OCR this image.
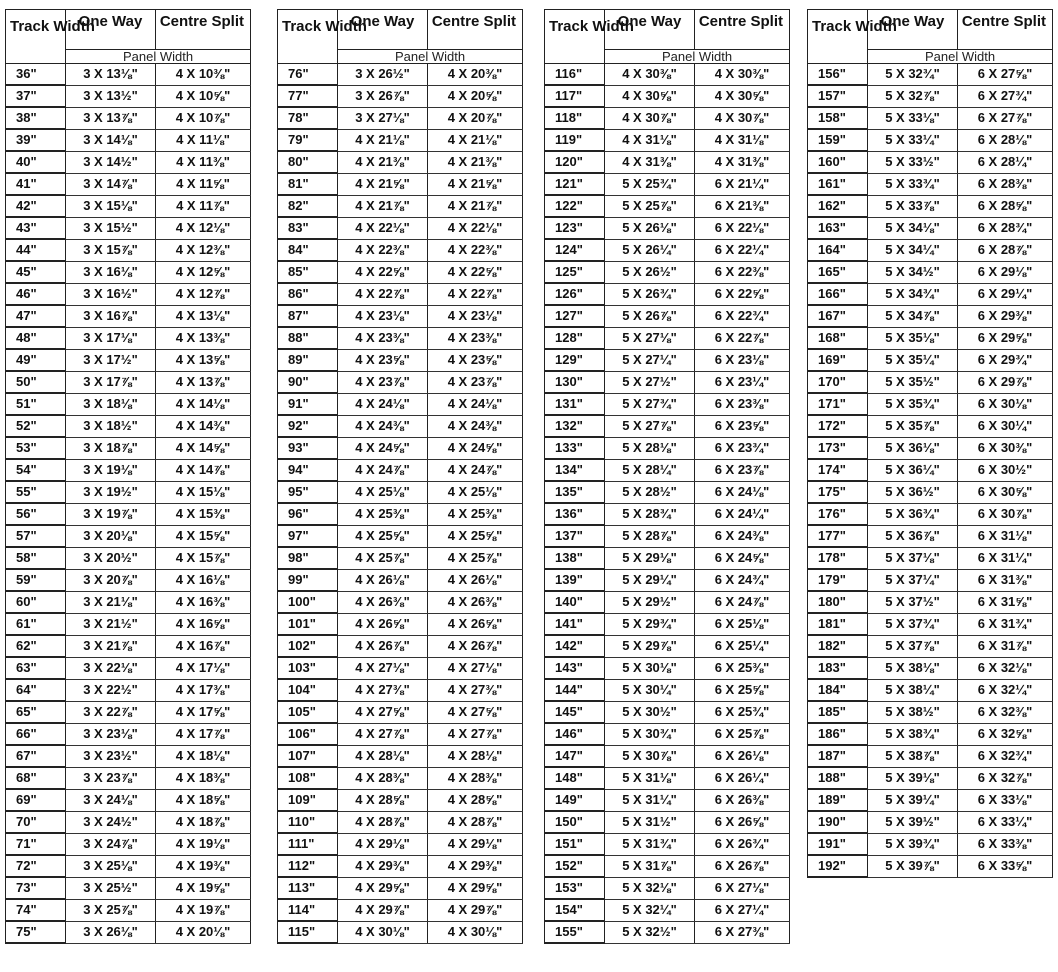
Track Width	One Way	Centre Split
	Panel Width	
36"	3 X 13⅛"	4 X 10⅜"
37"	3 X 13½"	4 X 10⅝"
38"	3 X 13⅞"	4 X 10⅞"
39"	3 X 14⅛"	4 X 11⅛"
40"	3 X 14½"	4 X 11⅜"
41"	3 X 14⅞"	4 X 11⅝"
42"	3 X 15⅛"	4 X 11⅞"
43"	3 X 15½"	4 X 12⅛"
44"	3 X 15⅞"	4 X 12⅜"
45"	3 X 16⅛"	4 X 12⅝"
46"	3 X 16½"	4 X 12⅞"
47"	3 X 16⅞"	4 X 13⅛"
48"	3 X 17⅛"	4 X 13⅜"
49"	3 X 17½"	4 X 13⅝"
50"	3 X 17⅞"	4 X 13⅞"
51"	3 X 18⅛"	4 X 14⅛"
52"	3 X 18½"	4 X 14⅜"
53"	3 X 18⅞"	4 X 14⅝"
54"	3 X 19⅛"	4 X 14⅞"
55"	3 X 19½"	4 X 15⅛"
56"	3 X 19⅞"	4 X 15⅜"
57"	3 X 20⅛"	4 X 15⅝"
58"	3 X 20½"	4 X 15⅞"
59"	3 X 20⅞"	4 X 16⅛"
60"	3 X 21⅛"	4 X 16⅜"
61"	3 X 21½"	4 X 16⅝"
62"	3 X 21⅞"	4 X 16⅞"
63"	3 X 22⅛"	4 X 17⅛"
64"	3 X 22½"	4 X 17⅜"
65"	3 X 22⅞"	4 X 17⅝"
66"	3 X 23⅛"	4 X 17⅞"
67"	3 X 23½"	4 X 18⅛"
68"	3 X 23⅞"	4 X 18⅜"
69"	3 X 24⅛"	4 X 18⅝"
70"	3 X 24½"	4 X 18⅞"
71"	3 X 24⅞"	4 X 19⅛"
72"	3 X 25⅛"	4 X 19⅜"
73"	3 X 25½"	4 X 19⅝"
74"	3 X 25⅞"	4 X 19⅞"
75"	3 X 26⅛"	4 X 20⅛"
Track Width	One Way	Centre Split
	Panel Width	
76"	3 X 26½"	4 X 20⅜"
77"	3 X 26⅞"	4 X 20⅝"
78"	3 X 27⅛"	4 X 20⅞"
79"	4 X 21⅛"	4 X 21⅛"
80"	4 X 21⅜"	4 X 21⅜"
81"	4 X 21⅝"	4 X 21⅝"
82"	4 X 21⅞"	4 X 21⅞"
83"	4 X 22⅛"	4 X 22⅛"
84"	4 X 22⅜"	4 X 22⅜"
85"	4 X 22⅝"	4 X 22⅝"
86"	4 X 22⅞"	4 X 22⅞"
87"	4 X 23⅛"	4 X 23⅛"
88"	4 X 23⅜"	4 X 23⅜"
89"	4 X 23⅝"	4 X 23⅝"
90"	4 X 23⅞"	4 X 23⅞"
91"	4 X 24⅛"	4 X 24⅛"
92"	4 X 24⅜"	4 X 24⅜"
93"	4 X 24⅝"	4 X 24⅝"
94"	4 X 24⅞"	4 X 24⅞"
95"	4 X 25⅛"	4 X 25⅛"
96"	4 X 25⅜"	4 X 25⅜"
97"	4 X 25⅝"	4 X 25⅝"
98"	4 X 25⅞"	4 X 25⅞"
99"	4 X 26⅛"	4 X 26⅛"
100"	4 X 26⅜"	4 X 26⅜"
101"	4 X 26⅝"	4 X 26⅝"
102"	4 X 26⅞"	4 X 26⅞"
103"	4 X 27⅛"	4 X 27⅛"
104"	4 X 27⅜"	4 X 27⅜"
105"	4 X 27⅝"	4 X 27⅝"
106"	4 X 27⅞"	4 X 27⅞"
107"	4 X 28⅛"	4 X 28⅛"
108"	4 X 28⅜"	4 X 28⅜"
109"	4 X 28⅝"	4 X 28⅝"
110"	4 X 28⅞"	4 X 28⅞"
111"	4 X 29⅛"	4 X 29⅛"
112"	4 X 29⅜"	4 X 29⅜"
113"	4 X 29⅝"	4 X 29⅝"
114"	4 X 29⅞"	4 X 29⅞"
115"	4 X 30⅛"	4 X 30⅛"
Track Width	One Way	Centre Split
	Panel Width	
116"	4 X 30⅜"	4 X 30⅜"
117"	4 X 30⅝"	4 X 30⅝"
118"	4 X 30⅞"	4 X 30⅞"
119"	4 X 31⅛"	4 X 31⅛"
120"	4 X 31⅜"	4 X 31⅜"
121"	5 X 25¾"	6 X 21¼"
122"	5 X 25⅞"	6 X 21⅜"
123"	5 X 26⅛"	6 X 22⅛"
124"	5 X 26¼"	6 X 22¼"
125"	5 X 26½"	6 X 22⅜"
126"	5 X 26¾"	6 X 22⅝"
127"	5 X 26⅞"	6 X 22¾"
128"	5 X 27⅛"	6 X 22⅞"
129"	5 X 27¼"	6 X 23⅛"
130"	5 X 27½"	6 X 23¼"
131"	5 X 27¾"	6 X 23⅜"
132"	5 X 27⅞"	6 X 23⅝"
133"	5 X 28⅛"	6 X 23¾"
134"	5 X 28¼"	6 X 23⅞"
135"	5 X 28½"	6 X 24⅛"
136"	5 X 28¾"	6 X 24¼"
137"	5 X 28⅞"	6 X 24⅜"
138"	5 X 29⅛"	6 X 24⅝"
139"	5 X 29¼"	6 X 24¾"
140"	5 X 29½"	6 X 24⅞"
141"	5 X 29¾"	6 X 25⅛"
142"	5 X 29⅞"	6 X 25¼"
143"	5 X 30⅛"	6 X 25⅜"
144"	5 X 30¼"	6 X 25⅝"
145"	5 X 30½"	6 X 25¾"
146"	5 X 30¾"	6 X 25⅞"
147"	5 X 30⅞"	6 X 26⅛"
148"	5 X 31⅛"	6 X 26¼"
149"	5 X 31¼"	6 X 26⅜"
150"	5 X 31½"	6 X 26⅝"
151"	5 X 31¾"	6 X 26¾"
152"	5 X 31⅞"	6 X 26⅞"
153"	5 X 32⅛"	6 X 27⅛"
154"	5 X 32¼"	6 X 27¼"
155"	5 X 32½"	6 X 27⅜"
Track Width	One Way	Centre Split
	Panel Width	
156"	5 X 32¾"	6 X 27⅝"
157"	5 X 32⅞"	6 X 27¾"
158"	5 X 33⅛"	6 X 27⅞"
159"	5 X 33¼"	6 X 28⅛"
160"	5 X 33½"	6 X 28¼"
161"	5 X 33¾"	6 X 28⅜"
162"	5 X 33⅞"	6 X 28⅝"
163"	5 X 34⅛"	6 X 28¾"
164"	5 X 34¼"	6 X 28⅞"
165"	5 X 34½"	6 X 29⅛"
166"	5 X 34¾"	6 X 29¼"
167"	5 X 34⅞"	6 X 29⅜"
168"	5 X 35⅛"	6 X 29⅝"
169"	5 X 35¼"	6 X 29¾"
170"	5 X 35½"	6 X 29⅞"
171"	5 X 35¾"	6 X 30⅛"
172"	5 X 35⅞"	6 X 30¼"
173"	5 X 36⅛"	6 X 30⅜"
174"	5 X 36¼"	6 X 30½"
175"	5 X 36½"	6 X 30⅝"
176"	5 X 36¾"	6 X 30⅞"
177"	5 X 36⅞"	6 X 31⅛"
178"	5 X 37⅛"	6 X 31¼"
179"	5 X 37¼"	6 X 31⅜"
180"	5 X 37½"	6 X 31⅝"
181"	5 X 37¾"	6 X 31¾"
182"	5 X 37⅞"	6 X 31⅞"
183"	5 X 38⅛"	6 X 32⅛"
184"	5 X 38¼"	6 X 32¼"
185"	5 X 38½"	6 X 32⅜"
186"	5 X 38¾"	6 X 32⅝"
187"	5 X 38⅞"	6 X 32¾"
188"	5 X 39⅛"	6 X 32⅞"
189"	5 X 39¼"	6 X 33⅛"
190"	5 X 39½"	6 X 33¼"
191"	5 X 39¾"	6 X 33⅜"
192"	5 X 39⅞"	6 X 33⅝"
